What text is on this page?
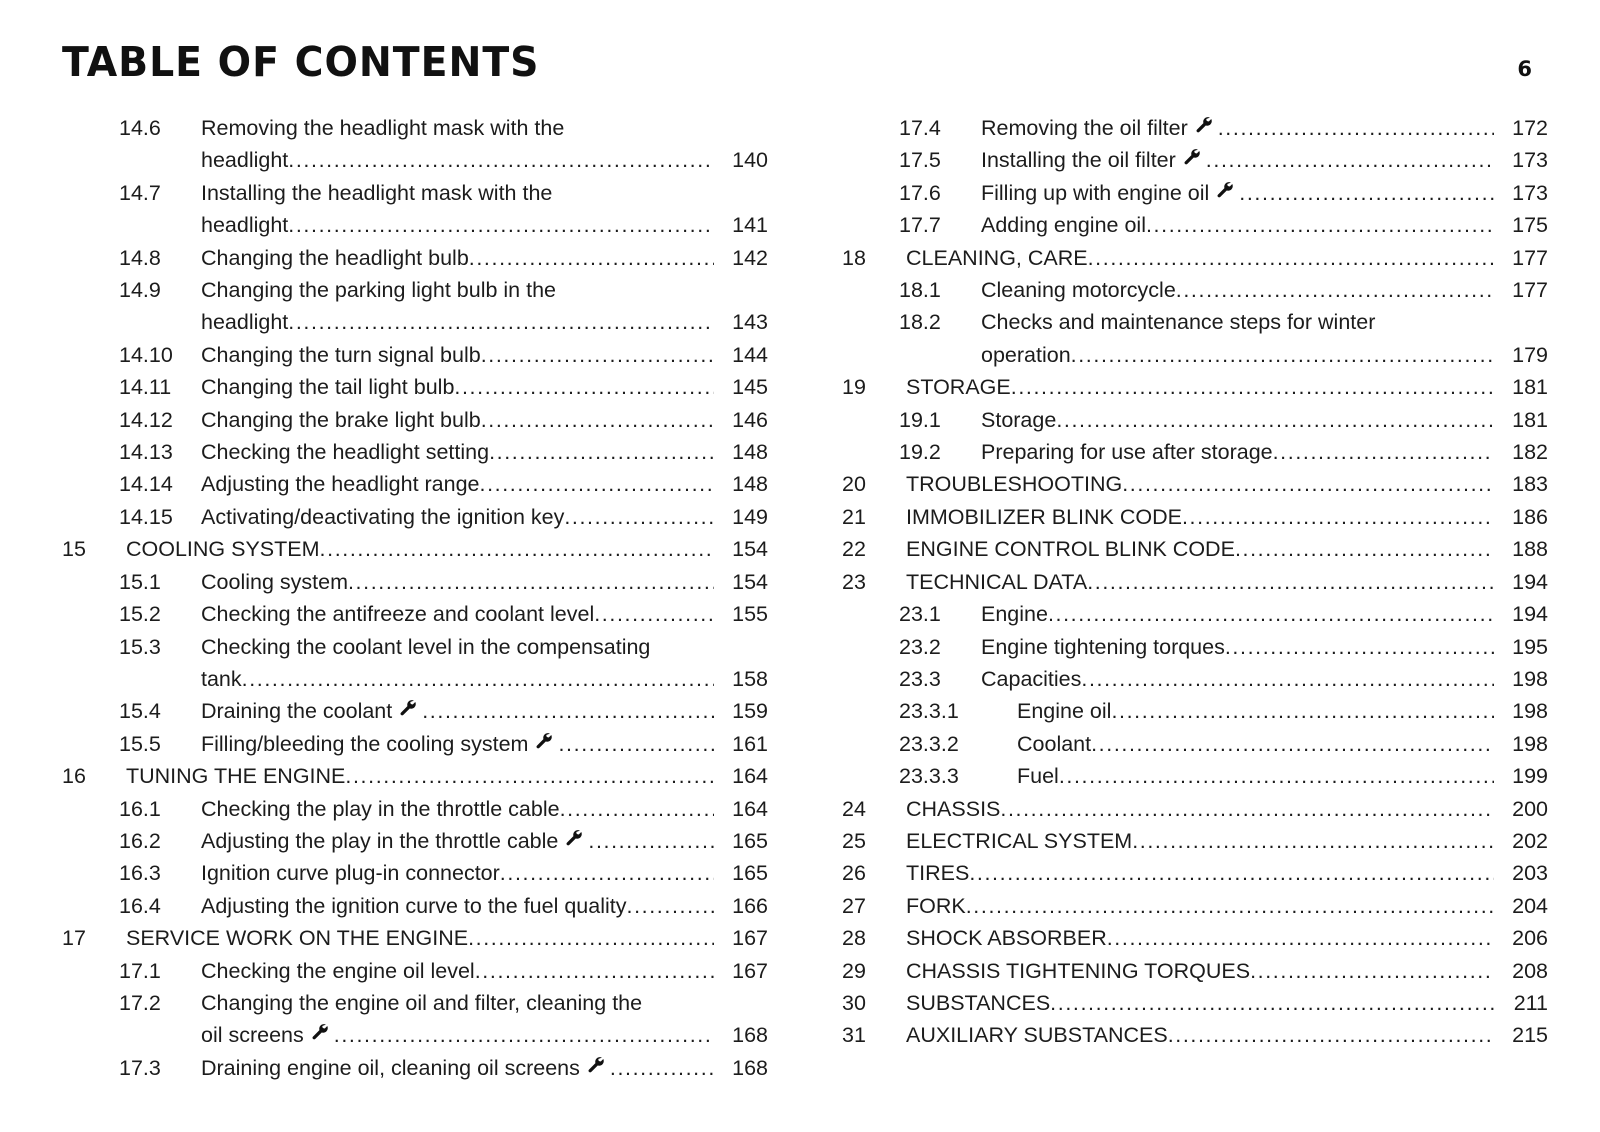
TABLE OF CONTENTS	6
14.6	Removing the headlight mask with the
headlight .....	140
14.7	Installing the headlight mask with the
headlight .....	141
14.8	Changing the headlight bulb .....	142
14.9	Changing the parking light bulb in the
headlight .....	143
14.10	Changing the turn signal bulb .....	144
14.11	Changing the tail light bulb .....	145
14.12	Changing the brake light bulb .....	146
14.13	Checking the headlight setting .....	148
14.14	Adjusting the headlight range .....	148
14.15	Activating/deactivating the ignition key .....	149
15	COOLING SYSTEM .....	154
15.1	Cooling system .....	154
15.2	Checking the antifreeze and coolant level .....	155
15.3	Checking the coolant level in the compensating
tank .....	158
15.4	Draining the coolant .....	159
15.5	Filling/bleeding the cooling system .....	161
16	TUNING THE ENGINE .....	164
16.1	Checking the play in the throttle cable .....	164
16.2	Adjusting the play in the throttle cable .....	165
16.3	Ignition curve plug-in connector .....	165
16.4	Adjusting the ignition curve to the fuel quality .....	166
17	SERVICE WORK ON THE ENGINE .....	167
17.1	Checking the engine oil level .....	167
17.2	Changing the engine oil and filter, cleaning the
oil screens .....	168
17.3	Draining engine oil, cleaning oil screens .....	168
17.4	Removing the oil filter .....	172
17.5	Installing the oil filter .....	173
17.6	Filling up with engine oil .....	173
17.7	Adding engine oil .....	175
18	CLEANING, CARE .....	177
18.1	Cleaning motorcycle .....	177
18.2	Checks and maintenance steps for winter
operation .....	179
19	STORAGE .....	181
19.1	Storage .....	181
19.2	Preparing for use after storage .....	182
20	TROUBLESHOOTING .....	183
21	IMMOBILIZER BLINK CODE .....	186
22	ENGINE CONTROL BLINK CODE .....	188
23	TECHNICAL DATA .....	194
23.1	Engine .....	194
23.2	Engine tightening torques .....	195
23.3	Capacities .....	198
23.3.1	Engine oil .....	198
23.3.2	Coolant .....	198
23.3.3	Fuel .....	199
24	CHASSIS .....	200
25	ELECTRICAL SYSTEM .....	202
26	TIRES .....	203
27	FORK .....	204
28	SHOCK ABSORBER .....	206
29	CHASSIS TIGHTENING TORQUES .....	208
30	SUBSTANCES .....	211
31	AUXILIARY SUBSTANCES .....	215
